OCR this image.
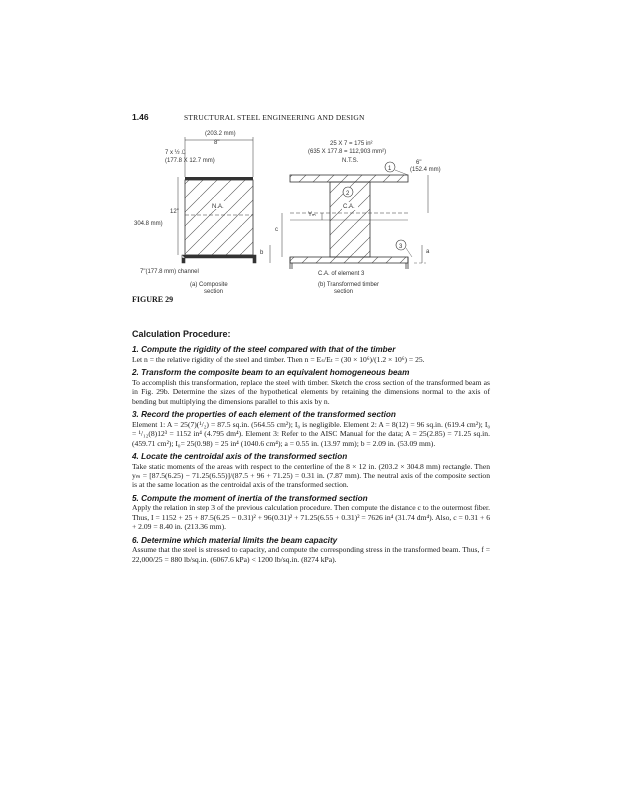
1.46	STRUCTURAL STEEL ENGINEERING AND DESIGN
(203.2 mm)
8"
7 x ½ ℒ
(177.8 X 12.7 mm)
N.A.
12"
304.8 mm)
7"(177.8 mm) channel
(a) Composite
section
25 X 7 = 175 in²
(635 X 177.8 = 112,903 mm²)
N.T.S.
2
C.A.
Yₘ
c
b
1
6"
(152.4 mm)
3
a
C.A. of element 3
(b) Transformed timber
section
FIGURE 29
Calculation Procedure:
1. Compute the rigidity of the steel compared with that of the timber

Let n = the relative rigidity of the steel and timber. Then n = Eₛ/Eₜ = (30 × 10⁶)/(1.2 × 10⁶) = 25.

2. Transform the composite beam to an equivalent homogeneous beam

To accomplish this transformation, replace the steel with timber. Sketch the cross section of the transformed beam as in Fig. 29b. Determine the sizes of the hypothetical elements by retaining the dimensions normal to the axis of bending but multiplying the dimensions parallel to this axis by n.

3. Record the properties of each element of the transformed section

Element 1: A = 25(7)(¹/₂) = 87.5 sq.in. (564.55 cm²); I₀ is negligible. Element 2: A = 8(12) = 96 sq.in. (619.4 cm²); I₀ = ¹/₁₂(8)12³ = 1152 in⁴ (4.795 dm⁴). Element 3: Refer to the AISC Manual for the data; A = 25(2.85) = 71.25 sq.in. (459.71 cm²); I₀= 25(0.98) = 25 in⁴ (1040.6 cm⁴); a = 0.55 in. (13.97 mm); b = 2.09 in. (53.09 mm).

4. Locate the centroidal axis of the transformed section

Take static moments of the areas with respect to the centerline of the 8 × 12 in. (203.2 × 304.8 mm) rectangle. Then yₘ = [87.5(6.25) − 71.25(6.55)]/(87.5 + 96 + 71.25) = 0.31 in. (7.87 mm). The neutral axis of the composite section is at the same location as the centroidal axis of the transformed section.

5. Compute the moment of inertia of the transformed section

Apply the relation in step 3 of the previous calculation procedure. Then compute the distance c to the outermost fiber. Thus, I = 1152 + 25 + 87.5(6.25 − 0.31)² + 96(0.31)² + 71.25(6.55 + 0.31)² = 7626 in⁴ (31.74 dm⁴). Also, c = 0.31 + 6 + 2.09 = 8.40 in. (213.36 mm).

6. Determine which material limits the beam capacity

Assume that the steel is stressed to capacity, and compute the corresponding stress in the transformed beam. Thus, f = 22,000/25 = 880 lb/sq.in. (6067.6 kPa) < 1200 lb/sq.in. (8274 kPa).
